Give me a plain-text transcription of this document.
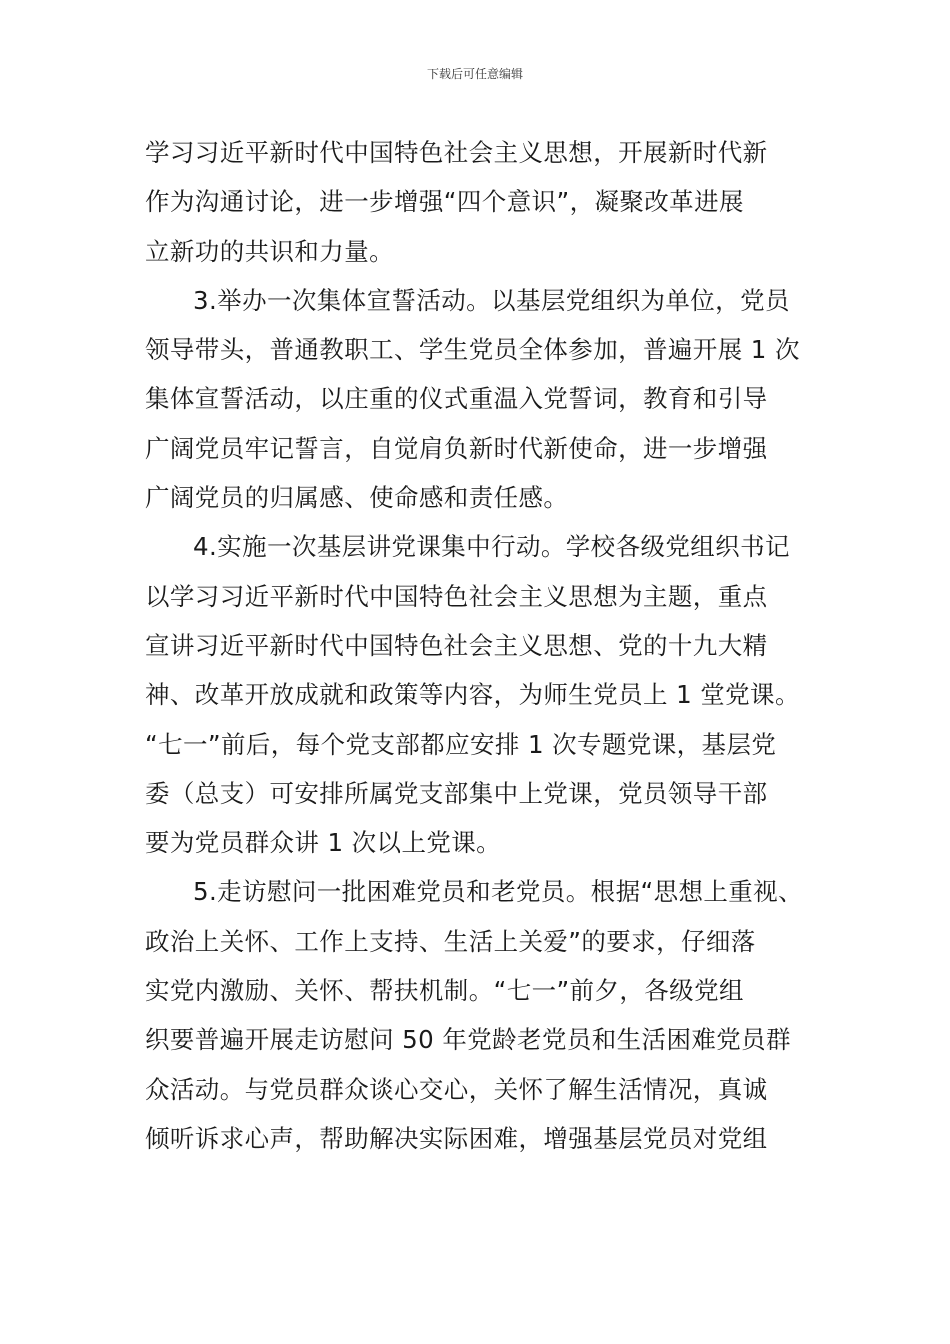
下载后可任意编辑
学习习近平新时代中国特色社会主义思想，开展新时代新
作为沟通讨论，进一步增强“四个意识”，凝聚改革进展
立新功的共识和力量。
3.举办一次集体宣誓活动。以基层党组织为单位，党员
领导带头，普通教职工、学生党员全体参加，普遍开展 1 次
集体宣誓活动，以庄重的仪式重温入党誓词，教育和引导
广阔党员牢记誓言，自觉肩负新时代新使命，进一步增强
广阔党员的归属感、使命感和责任感。
4.实施一次基层讲党课集中行动。学校各级党组织书记
以学习习近平新时代中国特色社会主义思想为主题，重点
宣讲习近平新时代中国特色社会主义思想、党的十九大精
神、改革开放成就和政策等内容，为师生党员上 1 堂党课。
“七一”前后，每个党支部都应安排 1 次专题党课，基层党
委（总支）可安排所属党支部集中上党课，党员领导干部
要为党员群众讲 1 次以上党课。
5.走访慰问一批困难党员和老党员。根据“思想上重视、
政治上关怀、工作上支持、生活上关爱”的要求，仔细落
实党内激励、关怀、帮扶机制。“七一”前夕，各级党组
织要普遍开展走访慰问 50 年党龄老党员和生活困难党员群
众活动。与党员群众谈心交心，关怀了解生活情况，真诚
倾听诉求心声，帮助解决实际困难，增强基层党员对党组
